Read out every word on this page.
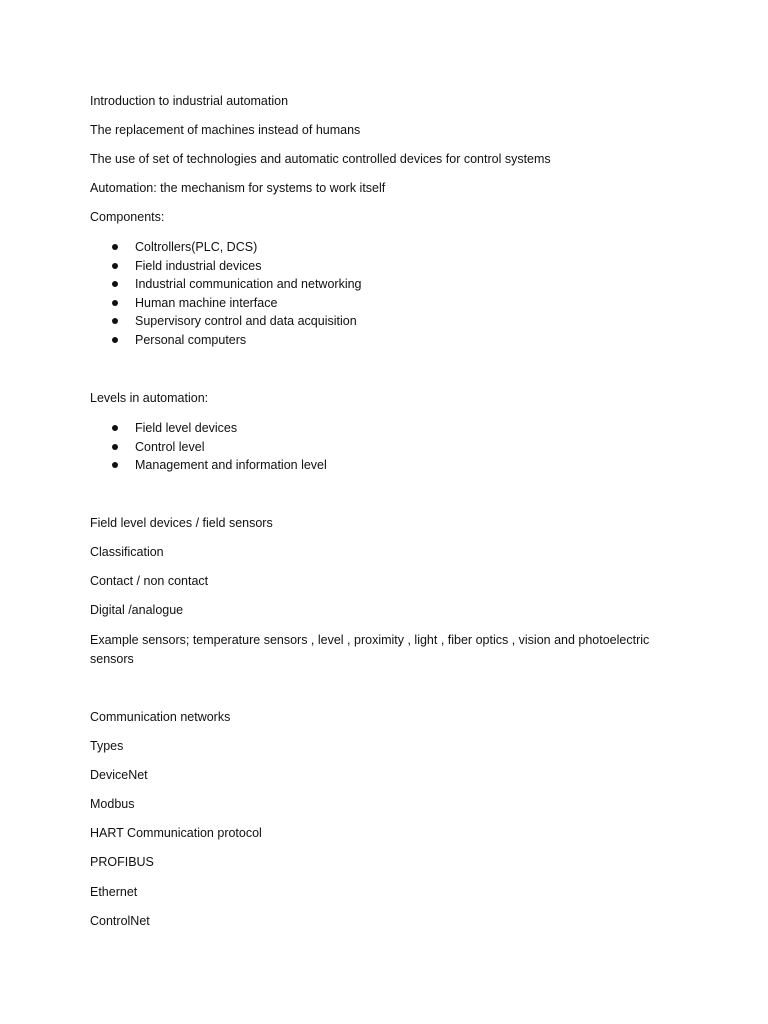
Introduction to industrial automation
The replacement of machines instead of humans
The use of set of technologies and automatic controlled devices for control systems
Automation: the mechanism for systems to work itself
Components:
Coltrollers(PLC, DCS)
Field industrial devices
Industrial communication and networking
Human machine interface
Supervisory control and data acquisition
Personal computers
Levels in automation:
Field level devices
Control level
Management and information level
Field level devices / field sensors
Classification
Contact / non contact
Digital /analogue
Example sensors; temperature sensors , level , proximity , light , fiber optics , vision and photoelectric sensors
Communication networks
Types
DeviceNet
Modbus
HART Communication protocol
PROFIBUS
Ethernet
ControlNet
